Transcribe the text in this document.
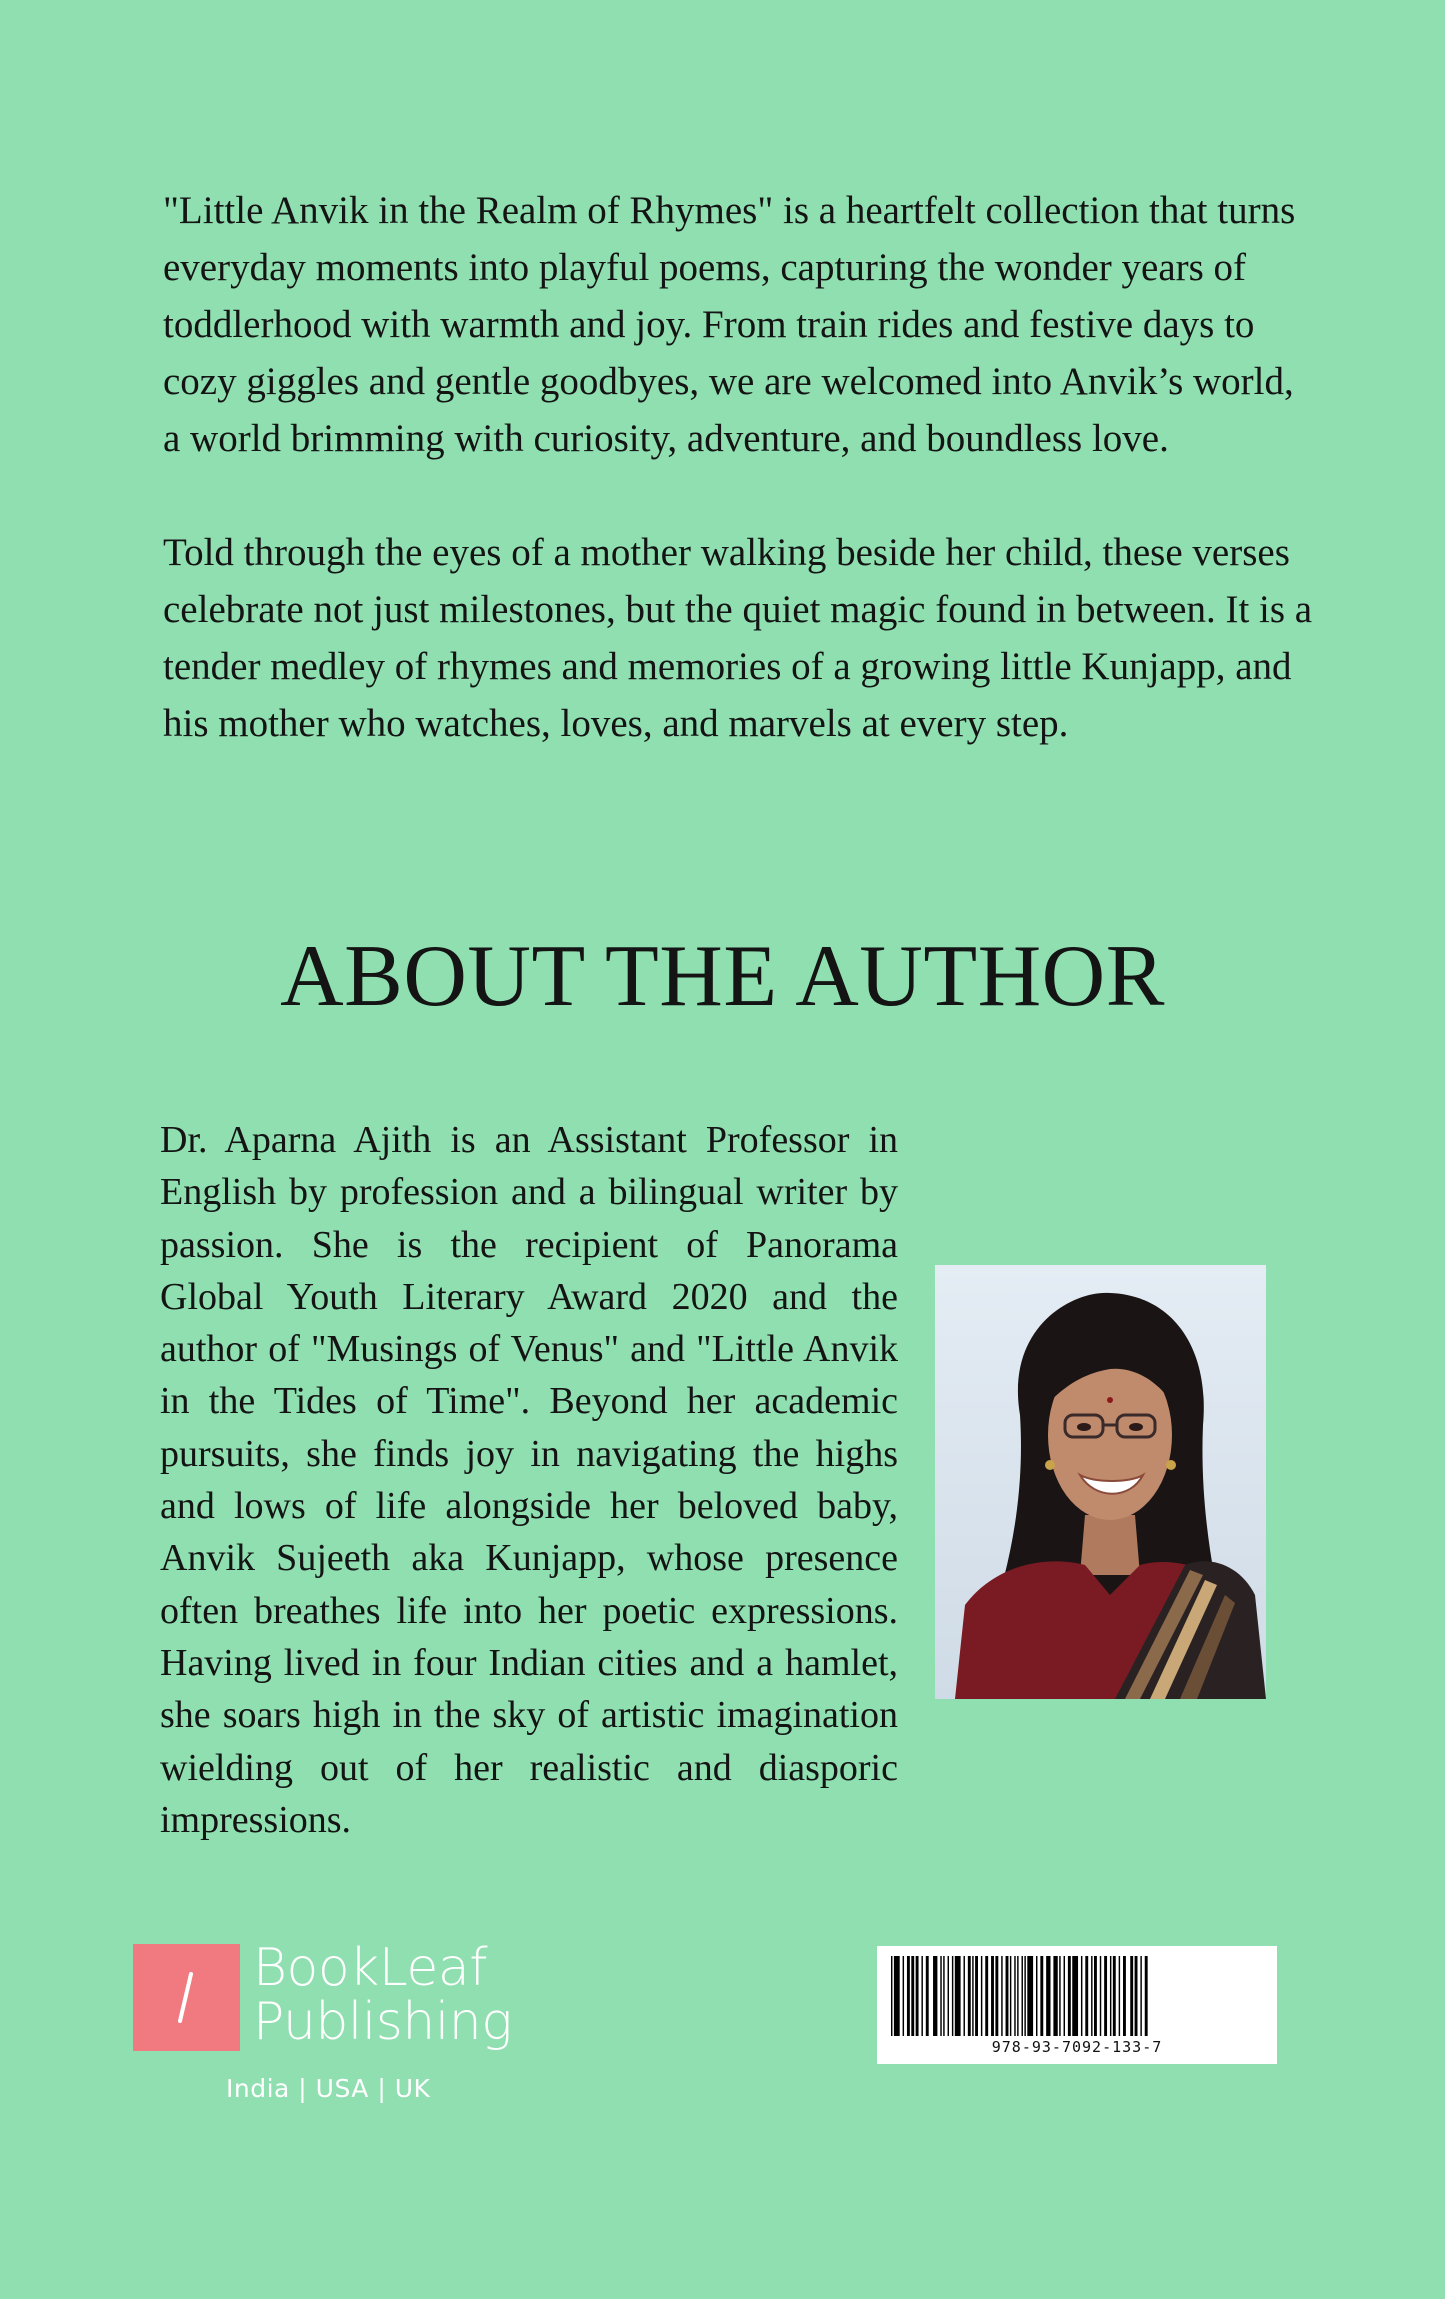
"Little Anvik in the Realm of Rhymes" is a heartfelt collection that turns everyday moments into playful poems, capturing the wonder years of toddlerhood with warmth and joy. From train rides and festive days to cozy giggles and gentle goodbyes, we are welcomed into Anvik’s world, a world brimming with curiosity, adventure, and boundless love.

Told through the eyes of a mother walking beside her child, these verses celebrate not just milestones, but the quiet magic found in between. It is a tender medley of rhymes and memories of a growing little Kunjapp, and his mother who watches, loves, and marvels at every step.

ABOUT THE AUTHOR

Dr. Aparna Ajith is an Assistant Professor in English by profession and a bilingual writer by passion. She is the recipient of Panorama Global Youth Literary Award 2020 and the author of "Musings of Venus" and "Little Anvik in the Tides of Time". Beyond her academic pursuits, she finds joy in navigating the highs and lows of life alongside her beloved baby, Anvik Sujeeth aka Kunjapp, whose presence often breathes life into her poetic expressions. Having lived in four Indian cities and a hamlet, she soars high in the sky of artistic imagination wielding out of her realistic and diasporic impressions.

BookLeaf
Publishing
India | USA | UK
978-93-7092-133-7
